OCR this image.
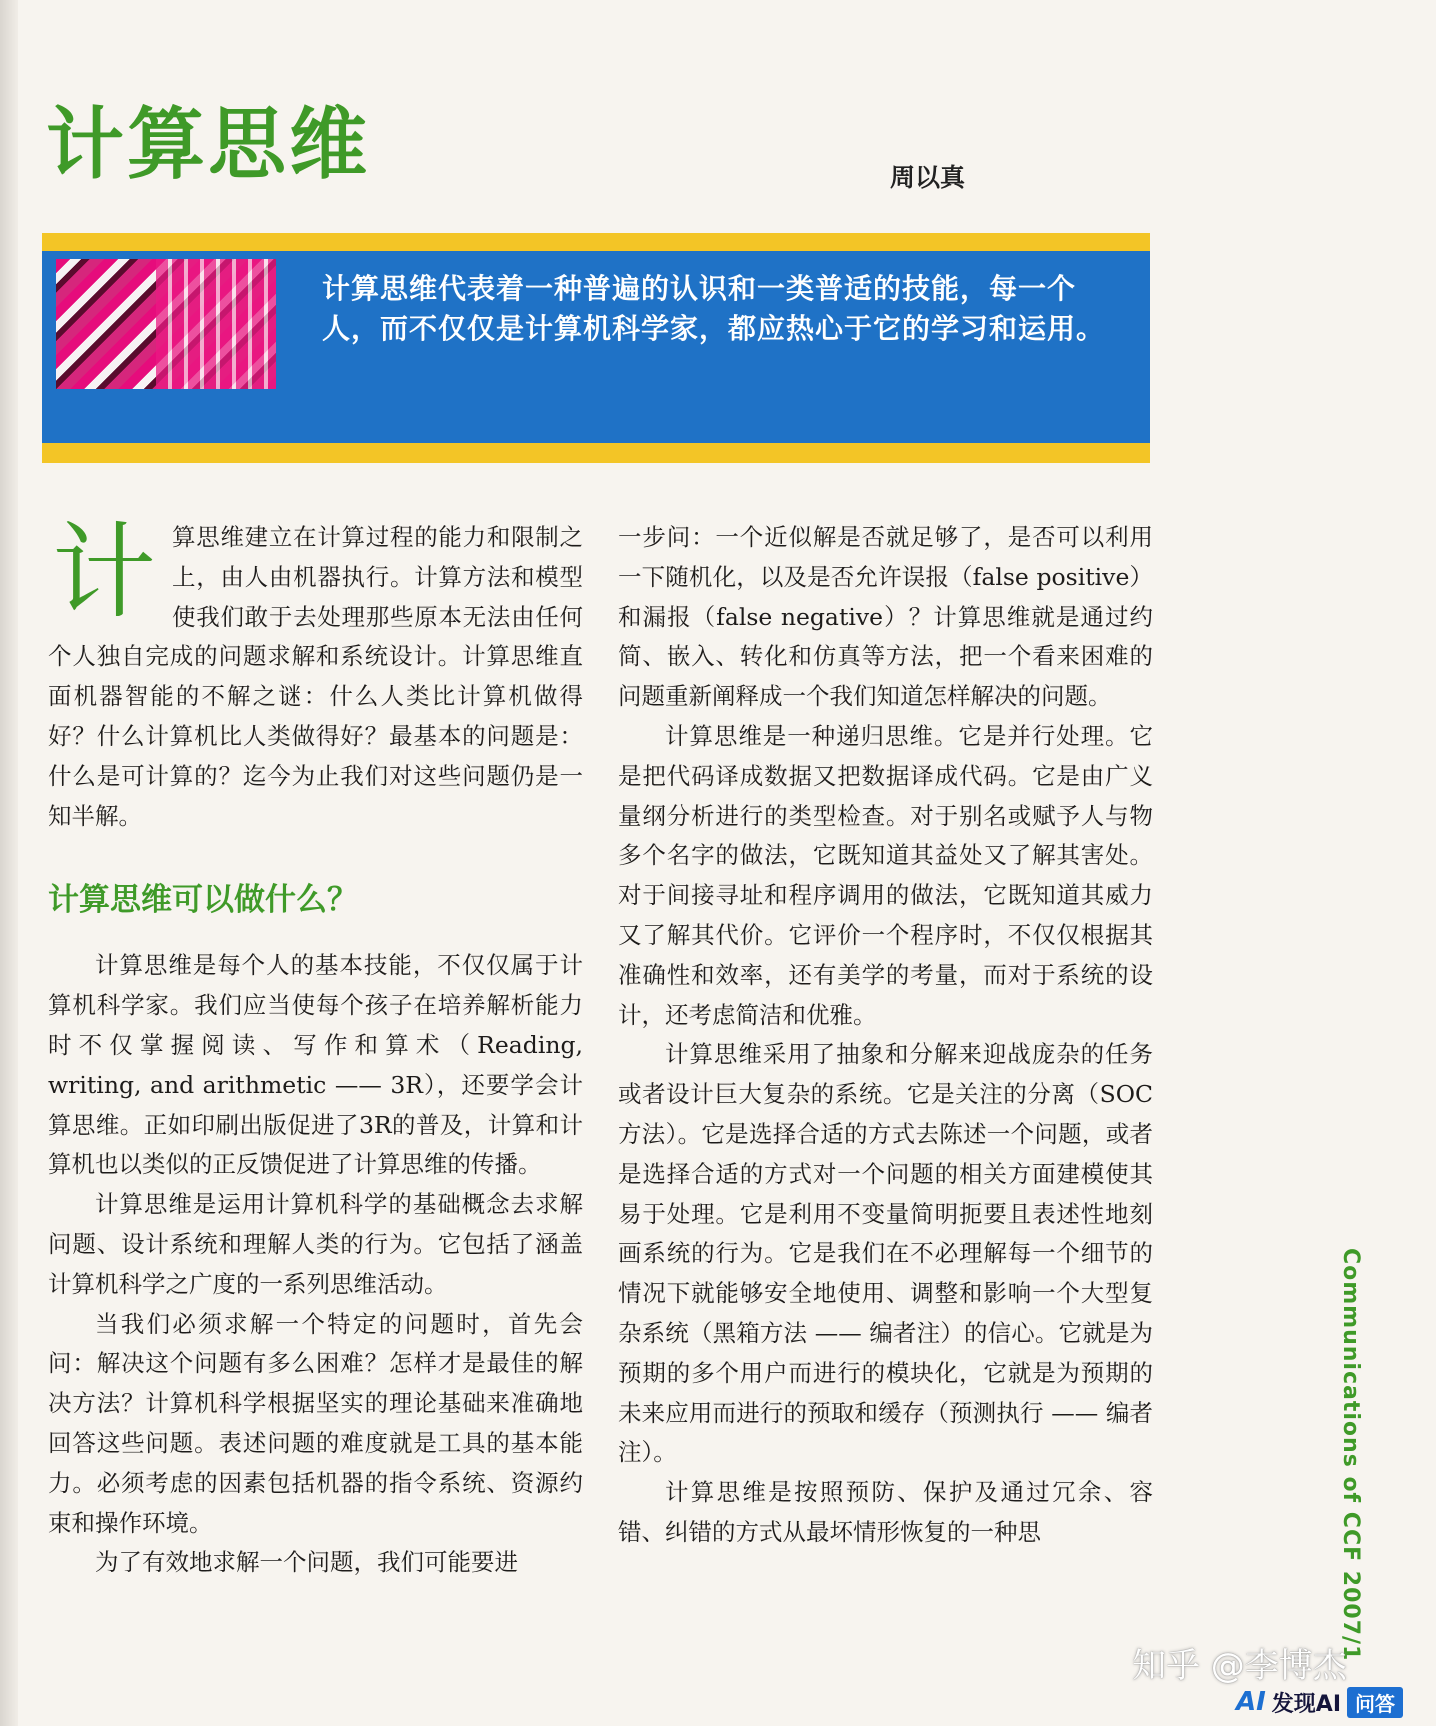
计算思维	周以真
计算思维代表着一种普遍的认识和一类普适的技能，每一个人，而不仅仅是计算机科学家，都应热心于它的学习和运用。

计算思维建立在计算过程的能力和限制之上，由人由机器执行。计算方法和模型使我们敢于去处理那些原本无法由任何个人独自完成的问题求解和系统设计。计算思维直面机器智能的不解之谜：什么人类比计算机做得好？什么计算机比人类做得好？最基本的问题是：什么是可计算的？迄今为止我们对这些问题仍是一知半解。

计算思维可以做什么？

计算思维是每个人的基本技能，不仅仅属于计算机科学家。我们应当使每个孩子在培养解析能力时不仅掌握阅读、写作和算术（Reading, writing, and arithmetic —— 3R），还要学会计算思维。正如印刷出版促进了3R的普及，计算和计算机也以类似的正反馈促进了计算思维的传播。

计算思维是运用计算机科学的基础概念去求解问题、设计系统和理解人类的行为。它包括了涵盖计算机科学之广度的一系列思维活动。

当我们必须求解一个特定的问题时，首先会问：解决这个问题有多么困难？怎样才是最佳的解决方法？计算机科学根据坚实的理论基础来准确地回答这些问题。表述问题的难度就是工具的基本能力。必须考虑的因素包括机器的指令系统、资源约束和操作环境。

为了有效地求解一个问题，我们可能要进

一步问：一个近似解是否就足够了，是否可以利用一下随机化，以及是否允许误报（false positive）和漏报（false negative）？计算思维就是通过约简、嵌入、转化和仿真等方法，把一个看来困难的问题重新阐释成一个我们知道怎样解决的问题。

计算思维是一种递归思维。它是并行处理。它是把代码译成数据又把数据译成代码。它是由广义量纲分析进行的类型检查。对于别名或赋予人与物多个名字的做法，它既知道其益处又了解其害处。对于间接寻址和程序调用的做法，它既知道其威力又了解其代价。它评价一个程序时，不仅仅根据其准确性和效率，还有美学的考量，而对于系统的设计，还考虑简洁和优雅。

计算思维采用了抽象和分解来迎战庞杂的任务或者设计巨大复杂的系统。它是关注的分离（SOC方法）。它是选择合适的方式去陈述一个问题，或者是选择合适的方式对一个问题的相关方面建模使其易于处理。它是利用不变量简明扼要且表述性地刻画系统的行为。它是我们在不必理解每一个细节的情况下就能够安全地使用、调整和影响一个大型复杂系统（黑箱方法 —— 编者注）的信心。它就是为预期的多个用户而进行的模块化，它就是为预期的未来应用而进行的预取和缓存（预测执行 —— 编者注）。

计算思维是按照预防、保护及通过冗余、容错、纠错的方式从最坏情形恢复的一种思	Communications of CCF 2007/1
知乎 @李博杰
AI 发现AI 问答
